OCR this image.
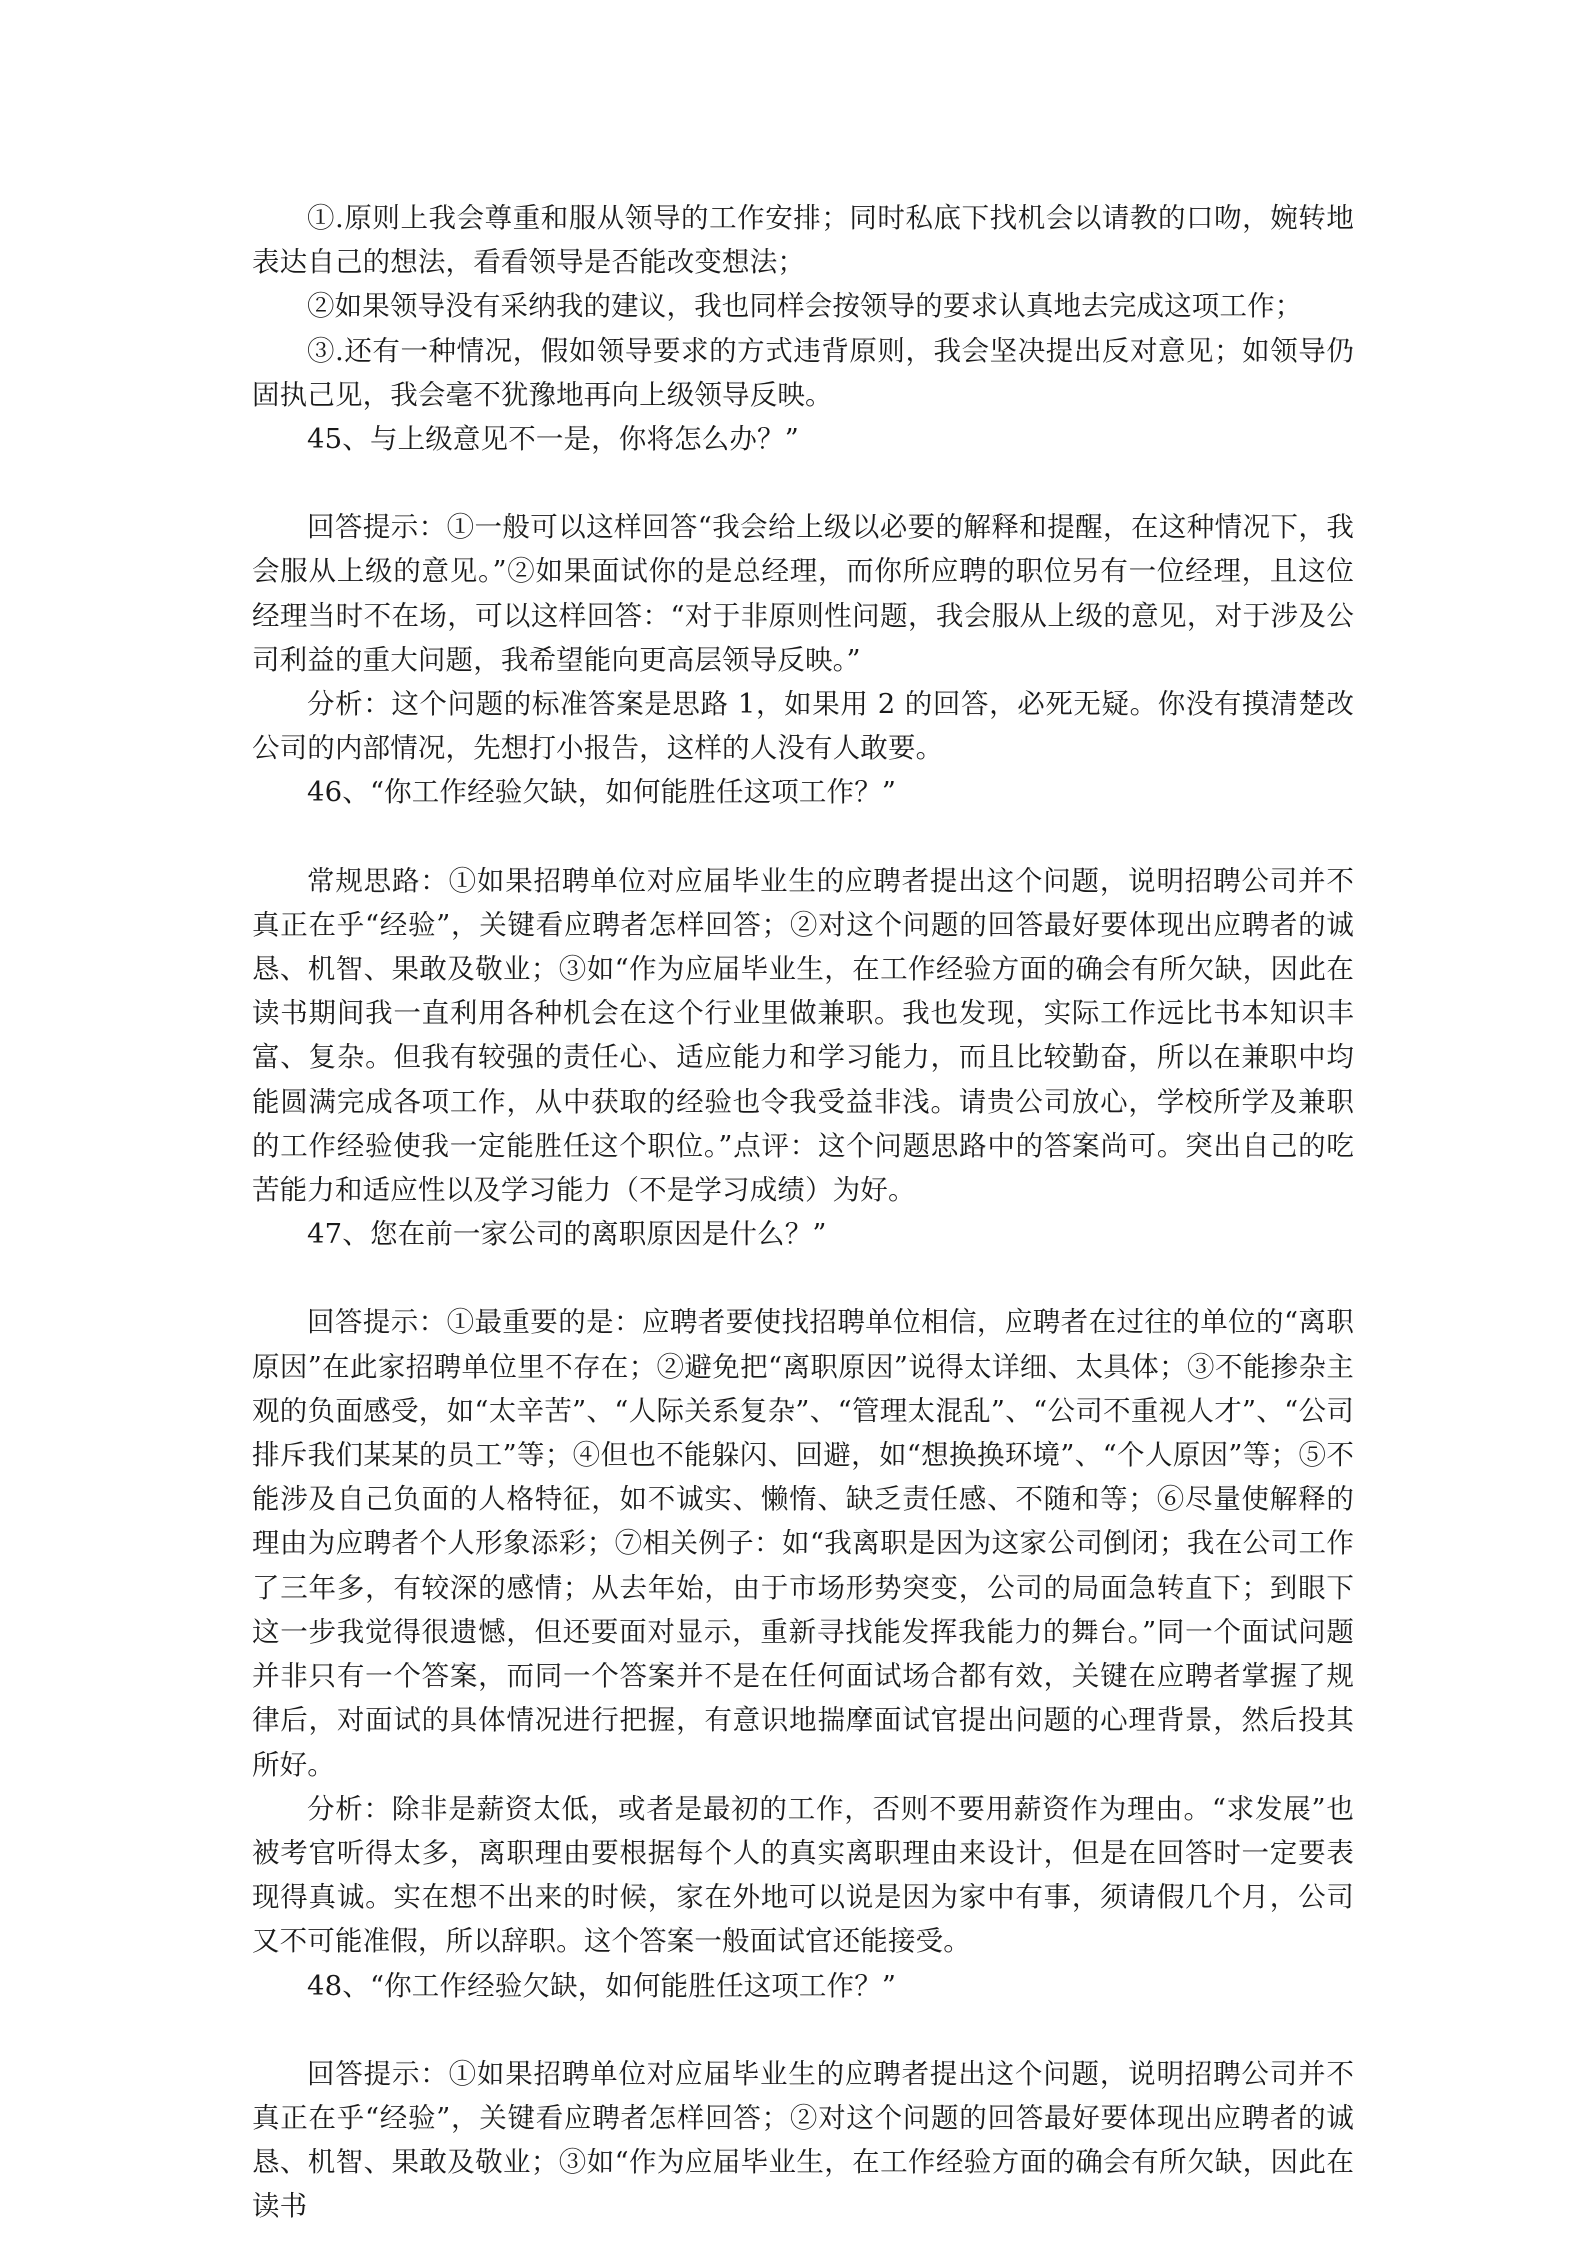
①.原则上我会尊重和服从领导的工作安排；同时私底下找机会以请教的口吻，婉转地表达自己的想法，看看领导是否能改变想法；

②如果领导没有采纳我的建议，我也同样会按领导的要求认真地去完成这项工作；

③.还有一种情况，假如领导要求的方式违背原则，我会坚决提出反对意见；如领导仍固执己见，我会毫不犹豫地再向上级领导反映。

45、与上级意见不一是，你将怎么办？”

回答提示：①一般可以这样回答“我会给上级以必要的解释和提醒，在这种情况下，我会服从上级的意见。”②如果面试你的是总经理，而你所应聘的职位另有一位经理，且这位经理当时不在场，可以这样回答：“对于非原则性问题，我会服从上级的意见，对于涉及公司利益的重大问题，我希望能向更高层领导反映。”

分析：这个问题的标准答案是思路 1，如果用 2 的回答，必死无疑。你没有摸清楚改公司的内部情况，先想打小报告，这样的人没有人敢要。

46、“你工作经验欠缺，如何能胜任这项工作？”

常规思路：①如果招聘单位对应届毕业生的应聘者提出这个问题，说明招聘公司并不真正在乎“经验”，关键看应聘者怎样回答；②对这个问题的回答最好要体现出应聘者的诚恳、机智、果敢及敬业；③如“作为应届毕业生，在工作经验方面的确会有所欠缺，因此在读书期间我一直利用各种机会在这个行业里做兼职。我也发现，实际工作远比书本知识丰富、复杂。但我有较强的责任心、适应能力和学习能力，而且比较勤奋，所以在兼职中均能圆满完成各项工作，从中获取的经验也令我受益非浅。请贵公司放心，学校所学及兼职的工作经验使我一定能胜任这个职位。”点评：这个问题思路中的答案尚可。突出自己的吃苦能力和适应性以及学习能力（不是学习成绩）为好。

47、您在前一家公司的离职原因是什么？”

回答提示：①最重要的是：应聘者要使找招聘单位相信，应聘者在过往的单位的“离职原因”在此家招聘单位里不存在；②避免把“离职原因”说得太详细、太具体；③不能掺杂主观的负面感受，如“太辛苦”、“人际关系复杂”、“管理太混乱”、“公司不重视人才”、“公司排斥我们某某的员工”等；④但也不能躲闪、回避，如“想换换环境”、“个人原因”等；⑤不能涉及自己负面的人格特征，如不诚实、懒惰、缺乏责任感、不随和等；⑥尽量使解释的理由为应聘者个人形象添彩；⑦相关例子：如“我离职是因为这家公司倒闭；我在公司工作了三年多，有较深的感情；从去年始，由于市场形势突变，公司的局面急转直下；到眼下这一步我觉得很遗憾，但还要面对显示，重新寻找能发挥我能力的舞台。”同一个面试问题并非只有一个答案，而同一个答案并不是在任何面试场合都有效，关键在应聘者掌握了规律后，对面试的具体情况进行把握，有意识地揣摩面试官提出问题的心理背景，然后投其所好。

分析：除非是薪资太低，或者是最初的工作，否则不要用薪资作为理由。“求发展”也被考官听得太多，离职理由要根据每个人的真实离职理由来设计，但是在回答时一定要表现得真诚。实在想不出来的时候，家在外地可以说是因为家中有事，须请假几个月，公司又不可能准假，所以辞职。这个答案一般面试官还能接受。

48、“你工作经验欠缺，如何能胜任这项工作？”

回答提示：①如果招聘单位对应届毕业生的应聘者提出这个问题，说明招聘公司并不真正在乎“经验”，关键看应聘者怎样回答；②对这个问题的回答最好要体现出应聘者的诚恳、机智、果敢及敬业；③如“作为应届毕业生，在工作经验方面的确会有所欠缺，因此在读书
